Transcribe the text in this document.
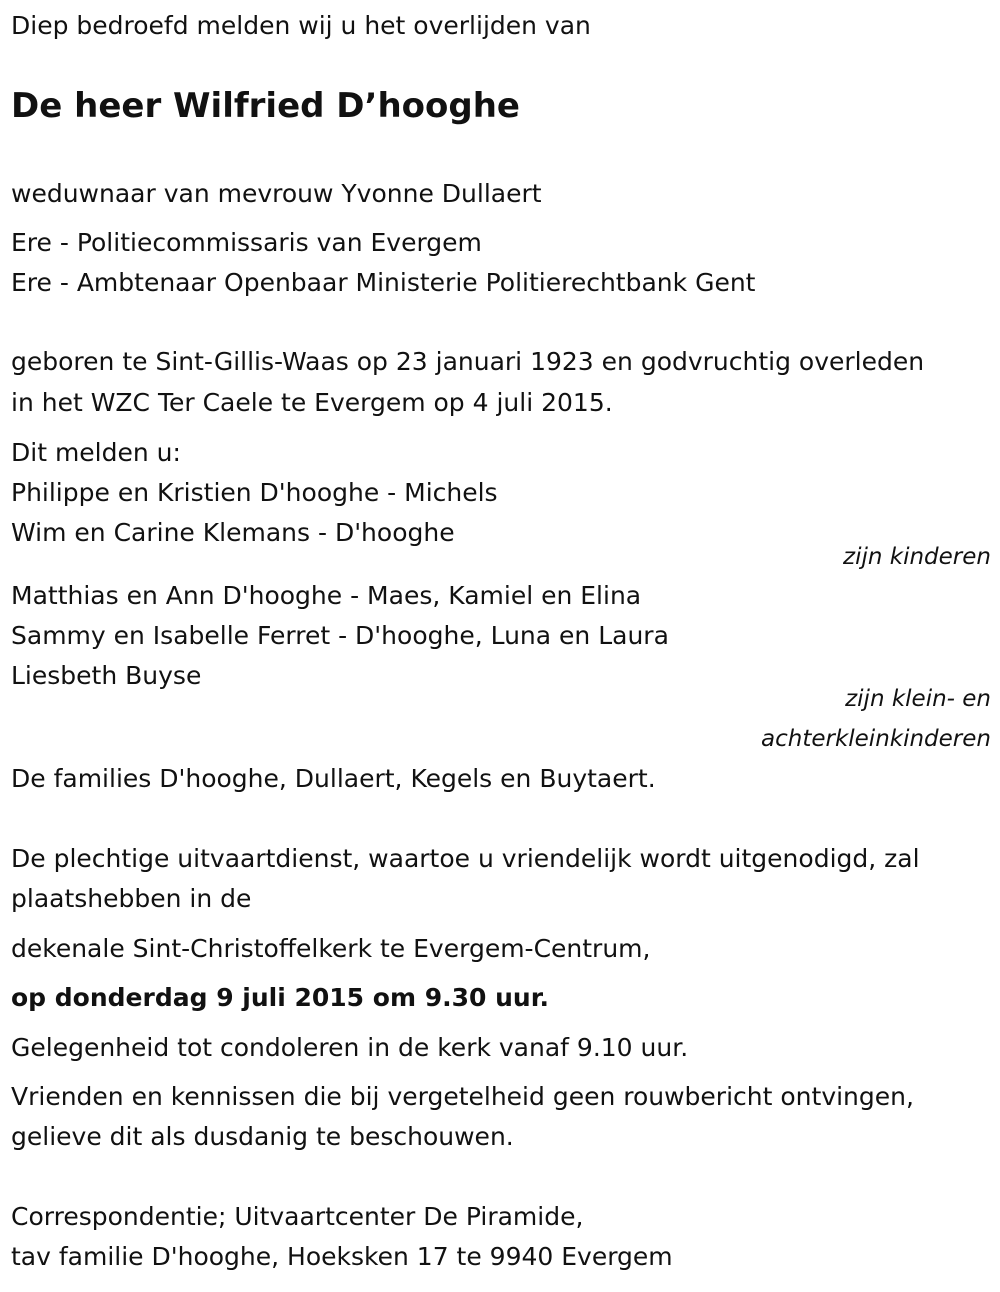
Diep bedroefd melden wij u het overlijden van
De heer Wilfried D’hooghe
weduwnaar van mevrouw Yvonne Dullaert
Ere - Politiecommissaris van Evergem
Ere - Ambtenaar Openbaar Ministerie Politierechtbank Gent
geboren te Sint-Gillis-Waas op 23 januari 1923 en godvruchtig overleden
in het WZC Ter Caele te Evergem op 4 juli 2015.
Dit melden u:
Philippe en Kristien D'hooghe - Michels
Wim en Carine Klemans - D'hooghe
zijn kinderen
Matthias en Ann D'hooghe - Maes, Kamiel en Elina
Sammy en Isabelle Ferret - D'hooghe, Luna en Laura
Liesbeth Buyse
zijn klein- en
achterkleinkinderen
De families D'hooghe, Dullaert, Kegels en Buytaert.
De plechtige uitvaartdienst, waartoe u vriendelijk wordt uitgenodigd, zal
plaatshebben in de
dekenale Sint-Christoffelkerk te Evergem-Centrum,
op donderdag 9 juli 2015 om 9.30 uur.
Gelegenheid tot condoleren in de kerk vanaf 9.10 uur.
Vrienden en kennissen die bij vergetelheid geen rouwbericht ontvingen,
gelieve dit als dusdanig te beschouwen.
Correspondentie; Uitvaartcenter De Piramide,
tav familie D'hooghe, Hoeksken 17 te 9940 Evergem
